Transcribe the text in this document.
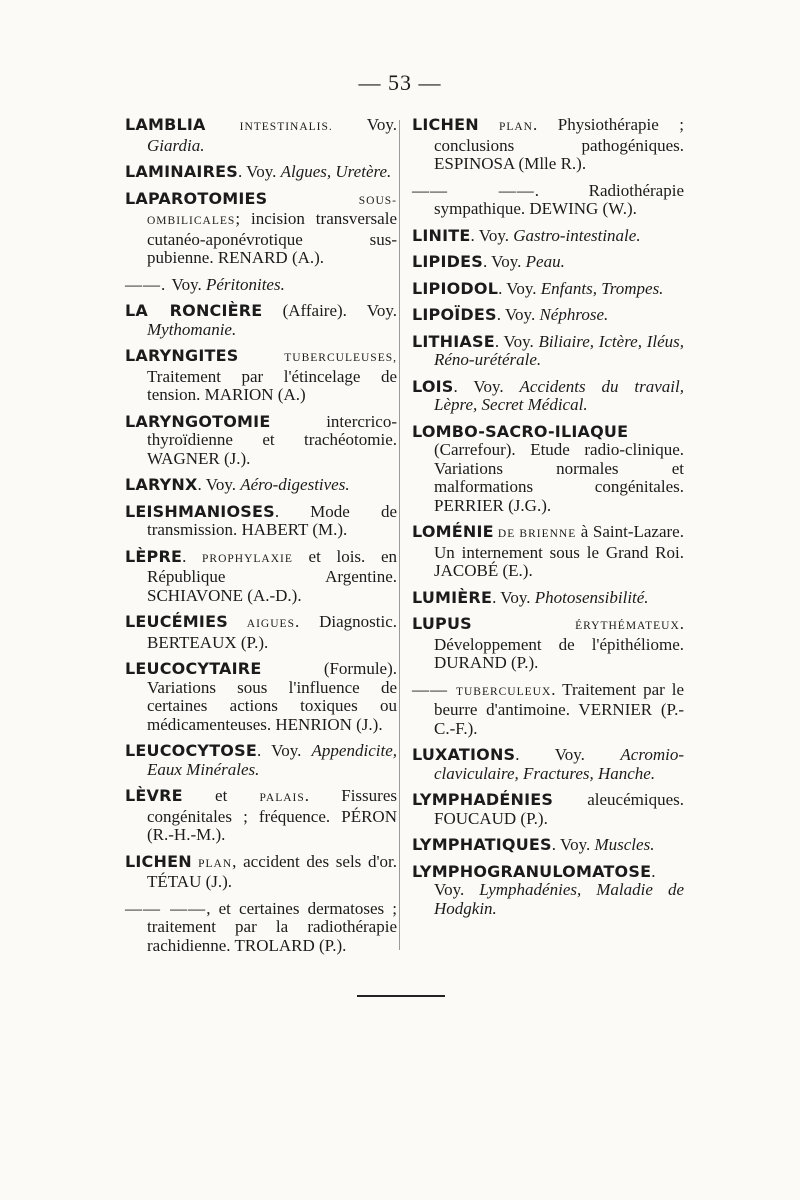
— 53 —

LAMBLIA INTESTINALIS. Voy. Giardia.

LAMINAIRES. Voy. Algues, Uretère.

LAPAROTOMIES SOUS-OMBILICALES; incision transversale cutanéo-aponévrotique sus-pubienne. RENARD (A.).

——. Voy. Péritonites.

LA RONCIÈRE (Affaire). Voy. Mythomanie.

LARYNGITES TUBERCULEUSES, Traitement par l'étincelage de tension. MARION (A.)

LARYNGOTOMIE intercrico-thyroïdienne et trachéotomie. WAGNER (J.).

LARYNX. Voy. Aéro-digestives.

LEISHMANIOSES. Mode de transmission. HABERT (M.).

LÈPRE. PROPHYLAXIE et lois. en République Argentine. SCHIAVONE (A.-D.).

LEUCÉMIES AIGUES. Diagnostic. BERTEAUX (P.).

LEUCOCYTAIRE (Formule). Variations sous l'influence de certaines actions toxiques ou médicamenteuses. HENRION (J.).

LEUCOCYTOSE. Voy. Appendicite, Eaux Minérales.

LÈVRE et PALAIS. Fissures congénitales ; fréquence. PÉRON (R.-H.-M.).

LICHEN PLAN, accident des sels d'or. TÉTAU (J.).

—— ——, et certaines dermatoses ; traitement par la radiothérapie rachidienne. TROLARD (P.).

LICHEN PLAN. Physiothérapie ; conclusions pathogéniques. ESPINOSA (Mlle R.).

—— ——. Radiothérapie sympathique. DEWING (W.).

LINITE. Voy. Gastro-intestinale.

LIPIDES. Voy. Peau.

LIPIODOL. Voy. Enfants, Trompes.

LIPOÏDES. Voy. Néphrose.

LITHIASE. Voy. Biliaire, Ictère, Iléus, Réno-urétérale.

LOIS. Voy. Accidents du travail, Lèpre, Secret Médical.

LOMBO-SACRO-ILIAQUE (Carrefour). Etude radio-clinique. Variations normales et malformations congénitales. PERRIER (J.G.).

LOMÉNIE DE BRIENNE à Saint-Lazare. Un internement sous le Grand Roi. JACOBÉ (E.).

LUMIÈRE. Voy. Photosensibilité.

LUPUS ÉRYTHÉMATEUX. Développement de l'épithéliome. DURAND (P.).

—— TUBERCULEUX. Traitement par le beurre d'antimoine. VERNIER (P.-C.-F.).

LUXATIONS. Voy. Acromio-claviculaire, Fractures, Hanche.

LYMPHADÉNIES aleucémiques. FOUCAUD (P.).

LYMPHATIQUES. Voy. Muscles.

LYMPHOGRANULOMATOSE. Voy. Lymphadénies, Maladie de Hodgkin.
